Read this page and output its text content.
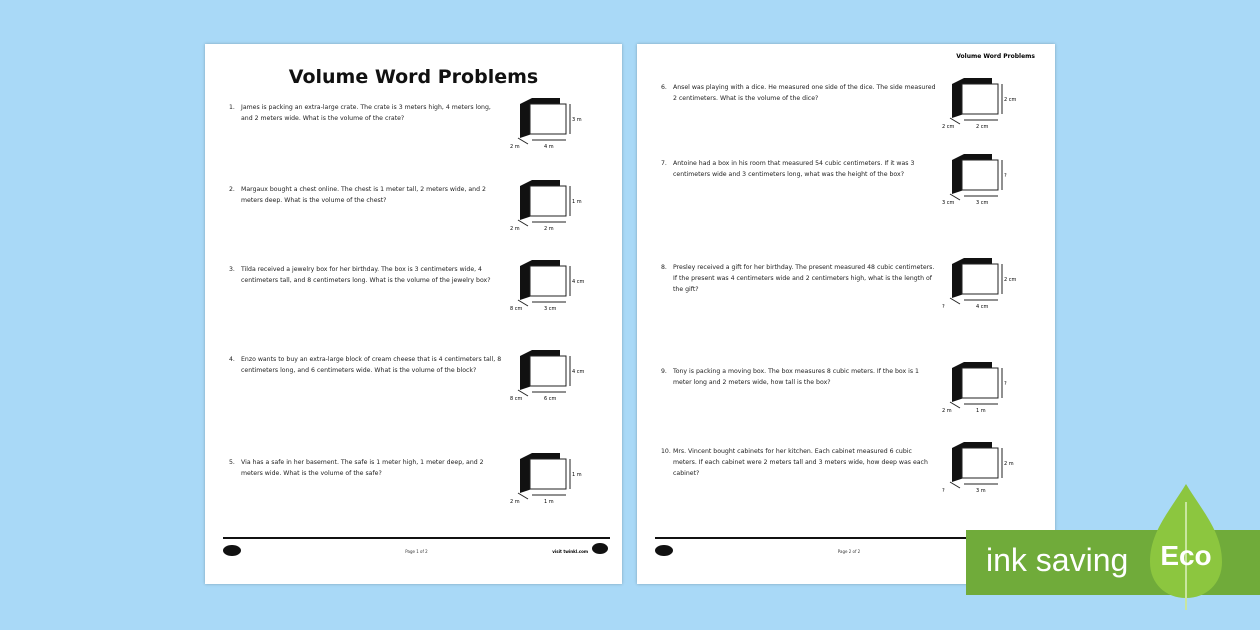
Volume Word Problems
1. James is packing an extra-large crate. The crate is 3 meters high, 4 meters long, and 2 meters wide. What is the volume of the crate?	3 m
2 m	4 m
2. Margaux bought a chest online. The chest is 1 meter tall, 2 meters wide, and 2 meters deep. What is the volume of the chest?	1 m
2 m	2 m
3. Tilda received a jewelry box for her birthday. The box is 3 centimeters wide, 4 centimeters tall, and 8 centimeters long. What is the volume of the jewelry box?	4 cm
8 cm	3 cm
4. Enzo wants to buy an extra-large block of cream cheese that is 4 centimeters tall, 8 centimeters long, and 6 centimeters wide. What is the volume of the block?	4 cm
8 cm	6 cm
5. Via has a safe in her basement. The safe is 1 meter high, 1 meter deep, and 2 meters wide. What is the volume of the safe?	1 m
2 m	1 m
Page 1 of 2	visit twinkl.com
Volume Word Problems
6. Ansel was playing with a dice. He measured one side of the dice. The side measured 2 centimeters. What is the volume of the dice?	2 cm
2 cm	2 cm
7. Antoine had a box in his room that measured 54 cubic centimeters. If it was 3 centimeters wide and 3 centimeters long, what was the height of the box?	?
3 cm	3 cm
8. Presley received a gift for her birthday. The present measured 48 cubic centimeters. If the present was 4 centimeters wide and 2 centimeters high, what is the length of the gift?
2 cm
?	4 cm
9. Tony is packing a moving box. The box measures 8 cubic meters. If the box is 1 meter long and 2 meters wide, how tall is the box?	?
2 m	1 m
10. Mrs. Vincent bought cabinets for her kitchen. Each cabinet measured 6 cubic meters. If each cabinet were 2 meters tall and 3 meters wide, how deep was each cabinet?
2 m
?	3 m
Page 2 of 2	ink saving	Eco
